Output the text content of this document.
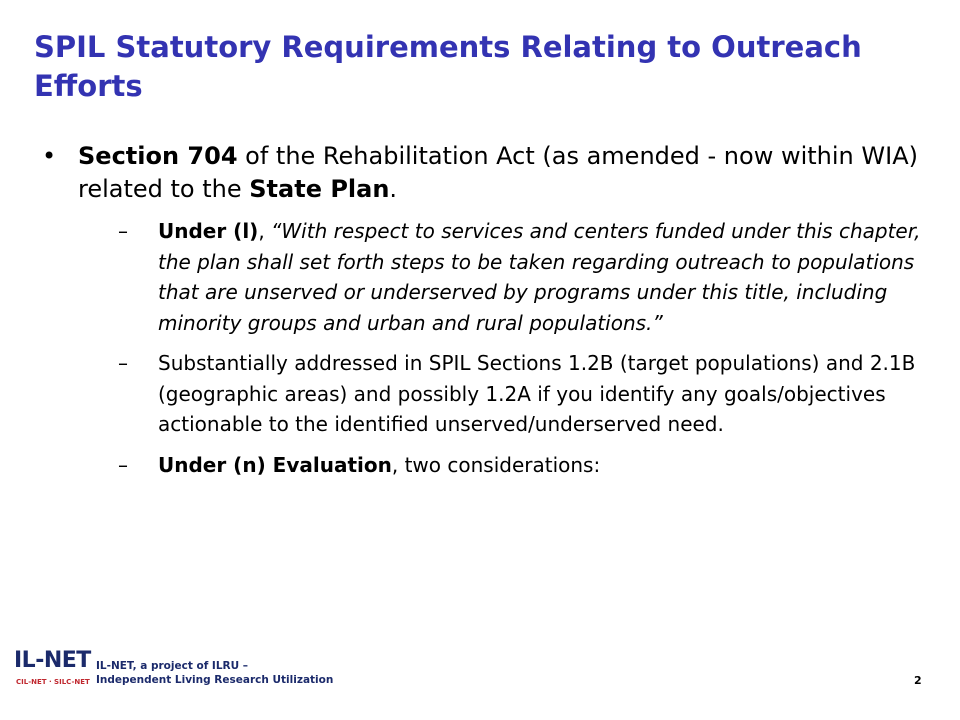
SPIL Statutory Requirements Relating to Outreach Efforts

• Section 704 of the Rehabilitation Act (as amended - now within WIA) related to the State Plan.

– Under (l), “With respect to services and centers funded under this chapter, the plan shall set forth steps to be taken regarding outreach to populations that are unserved or underserved by programs under this title, including minority groups and urban and rural populations.”

– Substantially addressed in SPIL Sections 1.2B (target populations) and 2.1B (geographic areas) and possibly 1.2A if you identify any goals/objectives actionable to the identified unserved/underserved need.

– Under (n) Evaluation, two considerations:

IL-NET
CIL-NET · SILC-NET
IL-NET, a project of ILRU –
Independent Living Research Utilization	2
